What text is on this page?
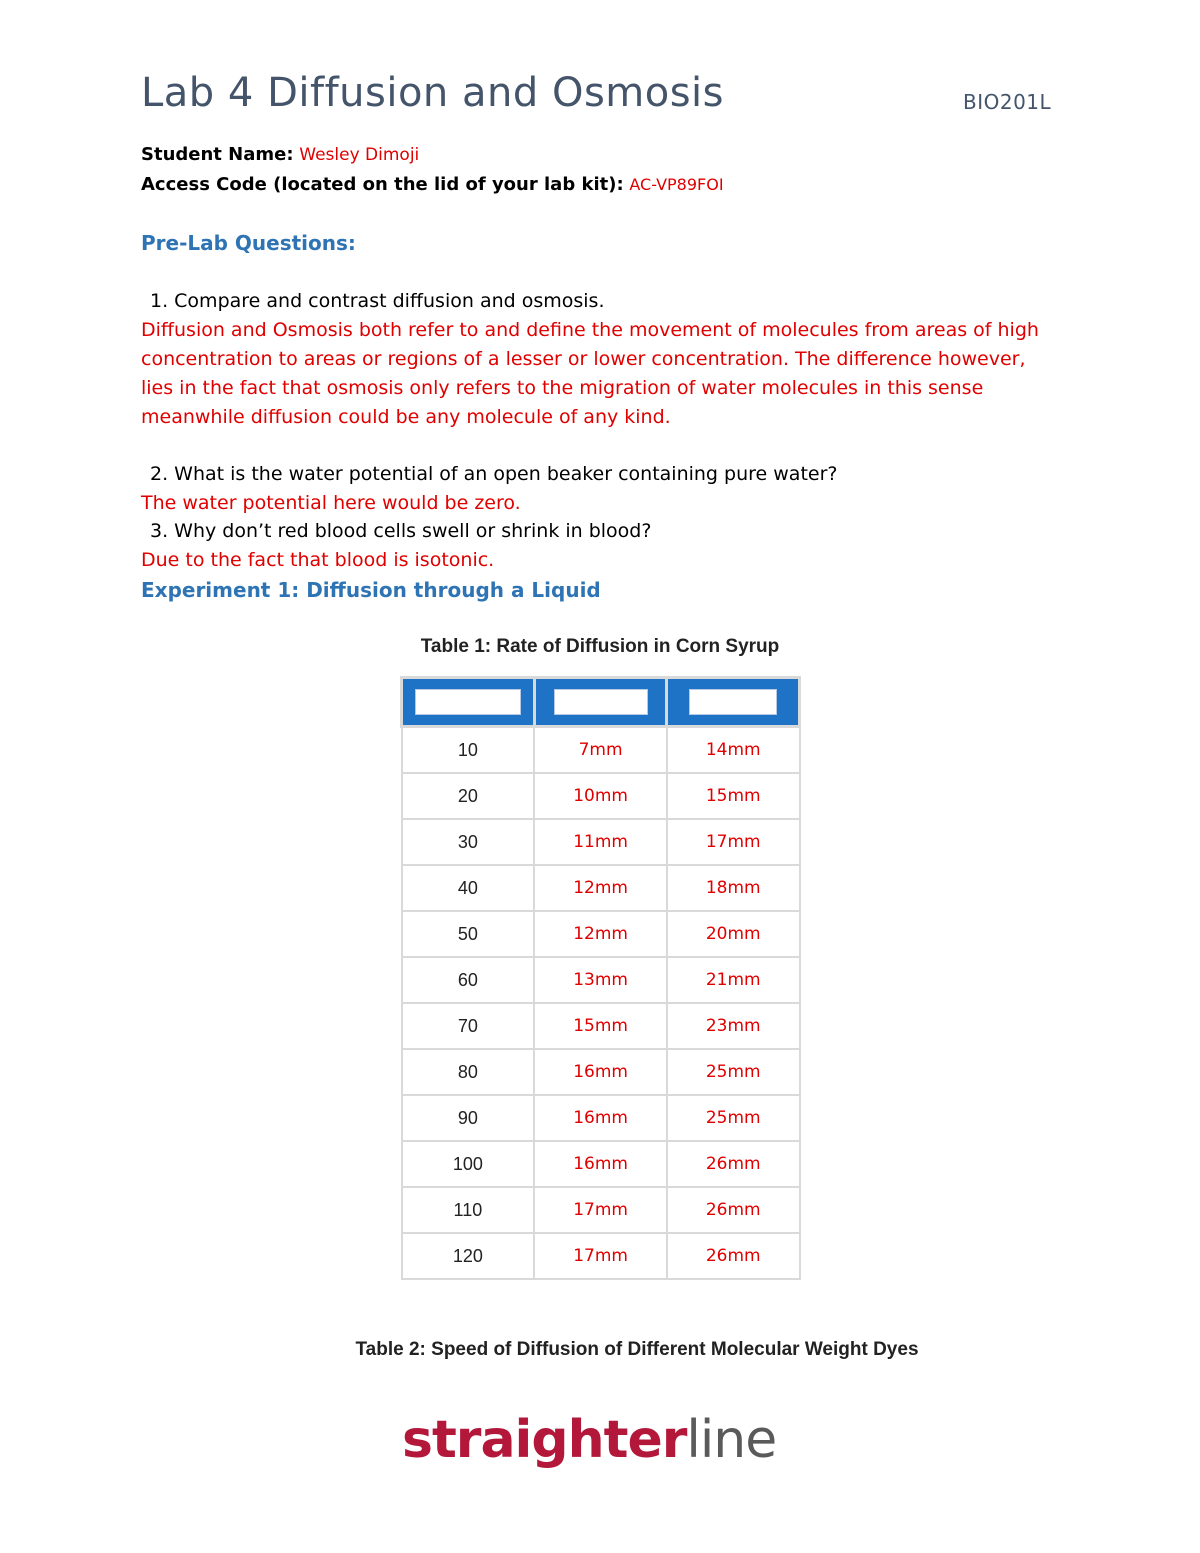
Lab 4 Diffusion and Osmosis	BIO201L
Student Name: Wesley Dimoji
Access Code (located on the lid of your lab kit): AC-VP89FOI
Pre-Lab Questions:
1. Compare and contrast diffusion and osmosis.
Diffusion and Osmosis both refer to and define the movement of molecules from areas of high
concentration to areas or regions of a lesser or lower concentration. The difference however,
lies in the fact that osmosis only refers to the migration of water molecules in this sense
meanwhile diffusion could be any molecule of any kind.
2. What is the water potential of an open beaker containing pure water?
The water potential here would be zero.
3. Why don’t red blood cells swell or shrink in blood?
Due to the fact that blood is isotonic.
Experiment 1: Diffusion through a Liquid
Table 1: Rate of Diffusion in Corn Syrup

10	7mm	14mm
20	10mm	15mm
30	11mm	17mm
40	12mm	18mm
50	12mm	20mm
60	13mm	21mm
70	15mm	23mm
80	16mm	25mm
90	16mm	25mm
100	16mm	26mm
110	17mm	26mm
120	17mm	26mm
Table 2: Speed of Diffusion of Different Molecular Weight Dyes
straighterline
